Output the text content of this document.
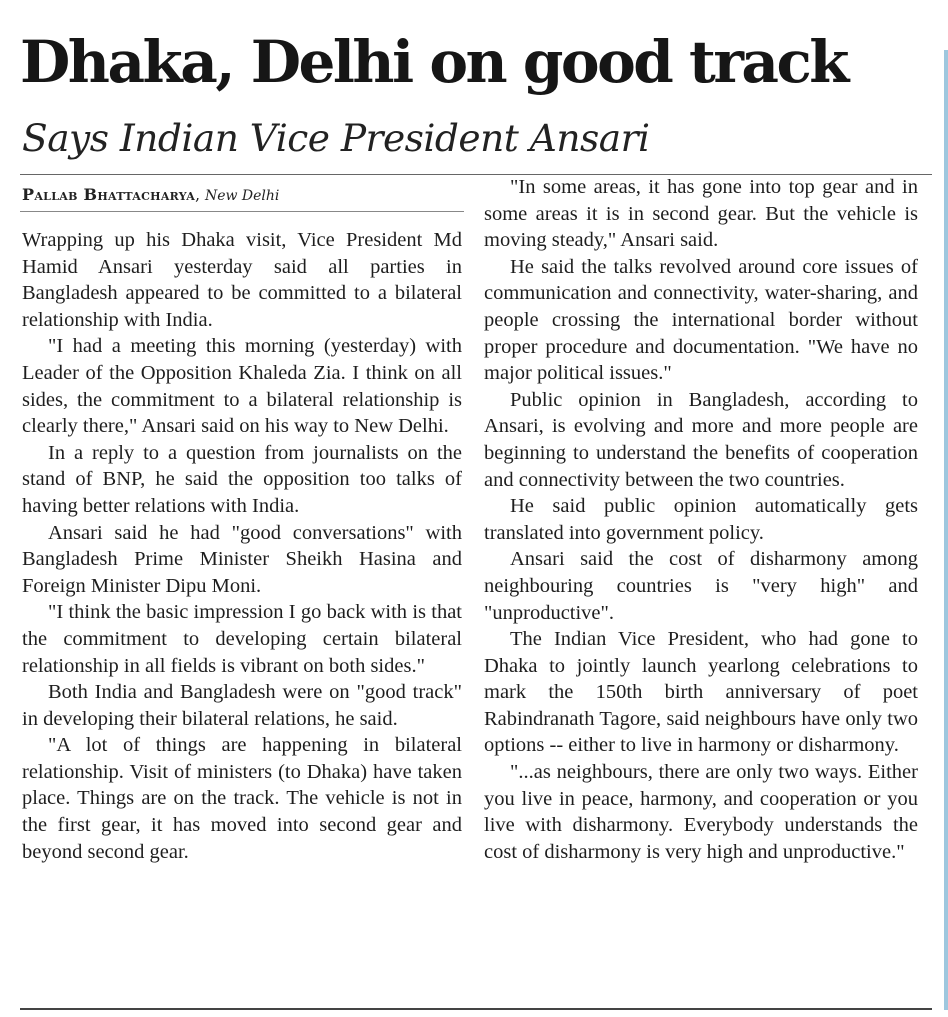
Dhaka, Delhi on good track
Says Indian Vice President Ansari
Pallab Bhattacharya, New Delhi

Wrapping up his Dhaka visit, Vice President Md Hamid Ansari yesterday said all parties in Bangladesh appeared to be committed to a bilateral relationship with India.

"I had a meeting this morning (yesterday) with Leader of the Opposition Khaleda Zia. I think on all sides, the commitment to a bilateral relationship is clearly there," Ansari said on his way to New Delhi.

In a reply to a question from journalists on the stand of BNP, he said the opposition too talks of having better relations with India.

Ansari said he had "good conversations" with Bangladesh Prime Minister Sheikh Hasina and Foreign Minister Dipu Moni.

"I think the basic impression I go back with is that the commitment to developing certain bilateral relationship in all fields is vibrant on both sides."

Both India and Bangladesh were on "good track" in developing their bilateral relations, he said.

"A lot of things are happening in bilateral relationship. Visit of ministers (to Dhaka) have taken place. Things are on the track. The vehicle is not in the first gear, it has moved into second gear and beyond second gear.

"In some areas, it has gone into top gear and in some areas it is in second gear. But the vehicle is moving steady," Ansari said.

He said the talks revolved around core issues of communication and connectivity, water-sharing, and people crossing the international border without proper procedure and documentation. "We have no major political issues."

Public opinion in Bangladesh, according to Ansari, is evolving and more and more people are beginning to understand the benefits of cooperation and connectivity between the two countries.

He said public opinion automatically gets translated into government policy.

Ansari said the cost of disharmony among neighbouring countries is "very high" and "unproductive".

The Indian Vice President, who had gone to Dhaka to jointly launch yearlong celebrations to mark the 150th birth anniversary of poet Rabindranath Tagore, said neighbours have only two options -- either to live in harmony or disharmony.

"...as neighbours, there are only two ways. Either you live in peace, harmony, and cooperation or you live with disharmony. Everybody understands the cost of disharmony is very high and unproductive."
